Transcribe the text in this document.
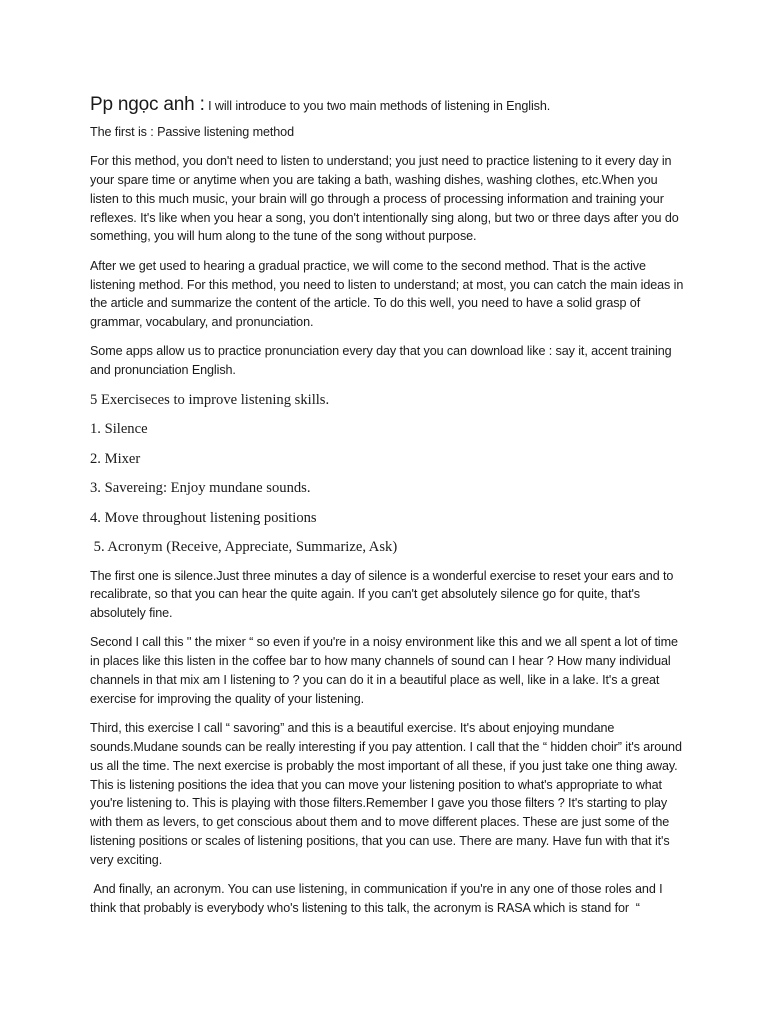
Pp ngọc anh : I will introduce to you two main methods of listening in English.

The first is : Passive listening method

For this method, you don't need to listen to understand; you just need to practice listening to it every day in your spare time or anytime when you are taking a bath, washing dishes, washing clothes, etc.When you listen to this much music, your brain will go through a process of processing information and training your reflexes. It's like when you hear a song, you don't intentionally sing along, but two or three days after you do something, you will hum along to the tune of the song without purpose.

After we get used to hearing a gradual practice, we will come to the second method. That is the active listening method. For this method, you need to listen to understand; at most, you can catch the main ideas in the article and summarize the content of the article. To do this well, you need to have a solid grasp of grammar, vocabulary, and pronunciation.

Some apps allow us to practice pronunciation every day that you can download like : say it, accent training and pronunciation English.

5 Exerciseces to improve listening skills.

1. Silence

2. Mixer

3. Savereing: Enjoy mundane sounds.

4. Move throughout listening positions

5. Acronym (Receive, Appreciate, Summarize, Ask)

The first one is silence.Just three minutes a day of silence is a wonderful exercise to reset your ears and to recalibrate, so that you can hear the quite again. If you can't get absolutely silence go for quite, that's absolutely fine.

Second I call this '' the mixer “ so even if you're in a noisy environment like this and we all spent a lot of time in places like this listen in the coffee bar to how many channels of sound can I hear ? How many individual channels in that mix am I listening to ? you can do it in a beautiful place as well, like in a lake. It's a great exercise for improving the quality of your listening.

Third, this exercise I call “ savoring” and this is a beautiful exercise. It's about enjoying mundane sounds.Mudane sounds can be really interesting if you pay attention. I call that the “ hidden choir” it's around us all the time. The next exercise is probably the most important of all these, if you just take one thing away. This is listening positions the idea that you can move your listening position to what's appropriate to what you're listening to. This is playing with those filters.Remember I gave you those filters ? It's starting to play with them as levers, to get conscious about them and to move different places. These are just some of the listening positions or scales of listening positions, that you can use. There are many. Have fun with that it's very exciting.

And finally, an acronym. You can use listening, in communication if you're in any one of those roles and I think that probably is everybody who's listening to this talk, the acronym is RASA which is stand for  “
